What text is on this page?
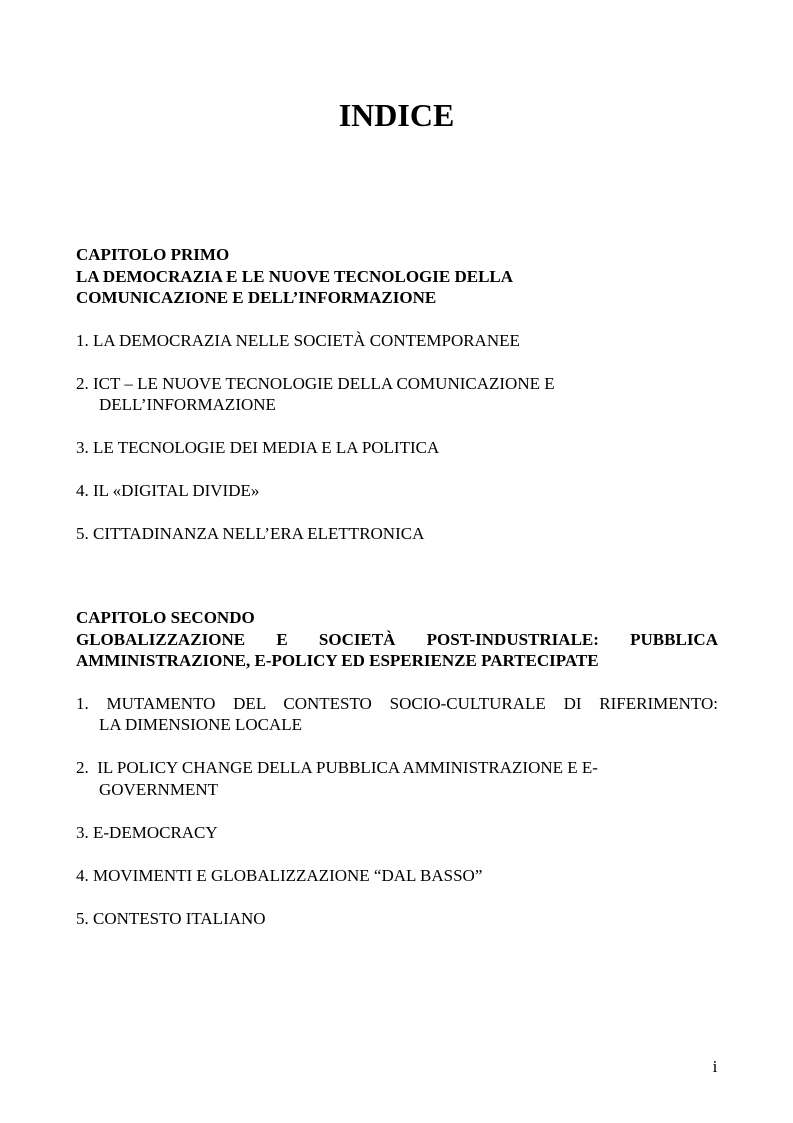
INDICE
CAPITOLO PRIMO
LA DEMOCRAZIA E LE NUOVE TECNOLOGIE DELLA
COMUNICAZIONE E DELL’INFORMAZIONE
1. LA DEMOCRAZIA NELLE SOCIETÀ CONTEMPORANEE
2. ICT – LE NUOVE TECNOLOGIE DELLA COMUNICAZIONE E
DELL’INFORMAZIONE
3. LE TECNOLOGIE DEI MEDIA E LA POLITICA
4. IL «DIGITAL DIVIDE»
5. CITTADINANZA NELL’ERA ELETTRONICA
CAPITOLO SECONDO
GLOBALIZZAZIONE E SOCIETÀ POST-INDUSTRIALE: PUBBLICA
AMMINISTRAZIONE, E-POLICY ED ESPERIENZE PARTECIPATE
1. MUTAMENTO DEL CONTESTO SOCIO-CULTURALE DI RIFERIMENTO:
LA DIMENSIONE LOCALE
2.  IL POLICY CHANGE DELLA PUBBLICA AMMINISTRAZIONE E E-
GOVERNMENT
3. E-DEMOCRACY
4. MOVIMENTI E GLOBALIZZAZIONE “DAL BASSO”
5. CONTESTO ITALIANO
i
